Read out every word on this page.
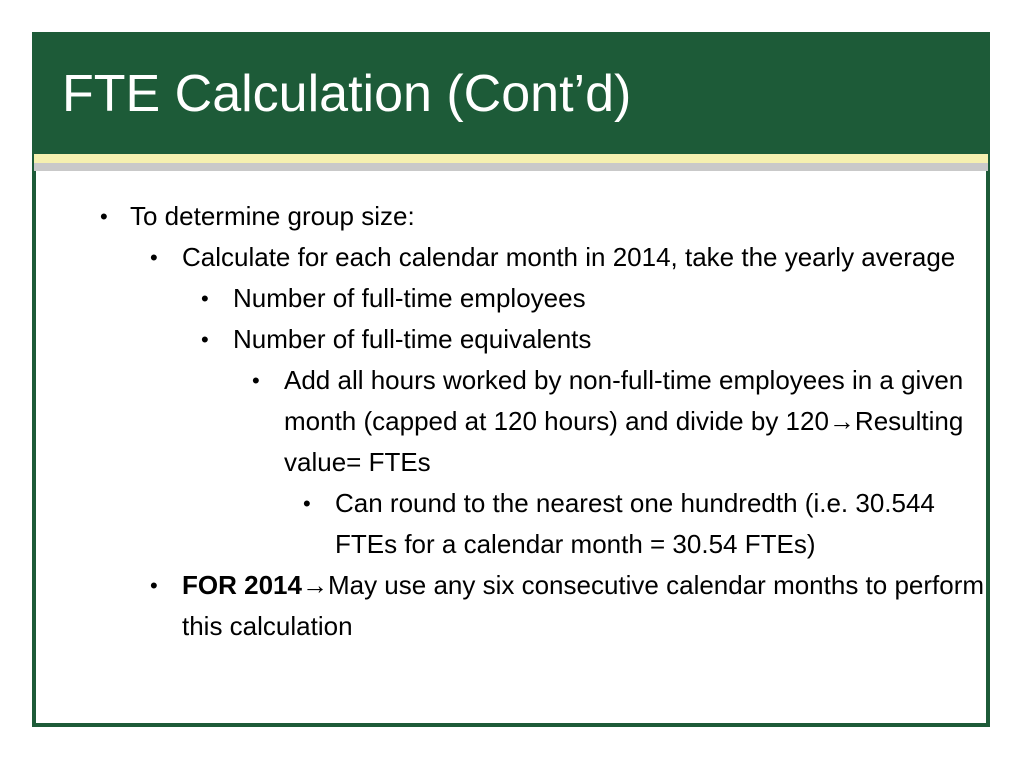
FTE Calculation (Cont’d)
• To determine group size:
• Calculate for each calendar month in 2014, take the yearly average
• Number of full-time employees
• Number of full-time equivalents
• Add all hours worked by non-full-time employees in a given month (capped at 120 hours) and divide by 120→Resulting value= FTEs
• Can round to the nearest one hundredth (i.e. 30.544 FTEs for a calendar month = 30.54 FTEs)
• FOR 2014→May use any six consecutive calendar months to perform this calculation
